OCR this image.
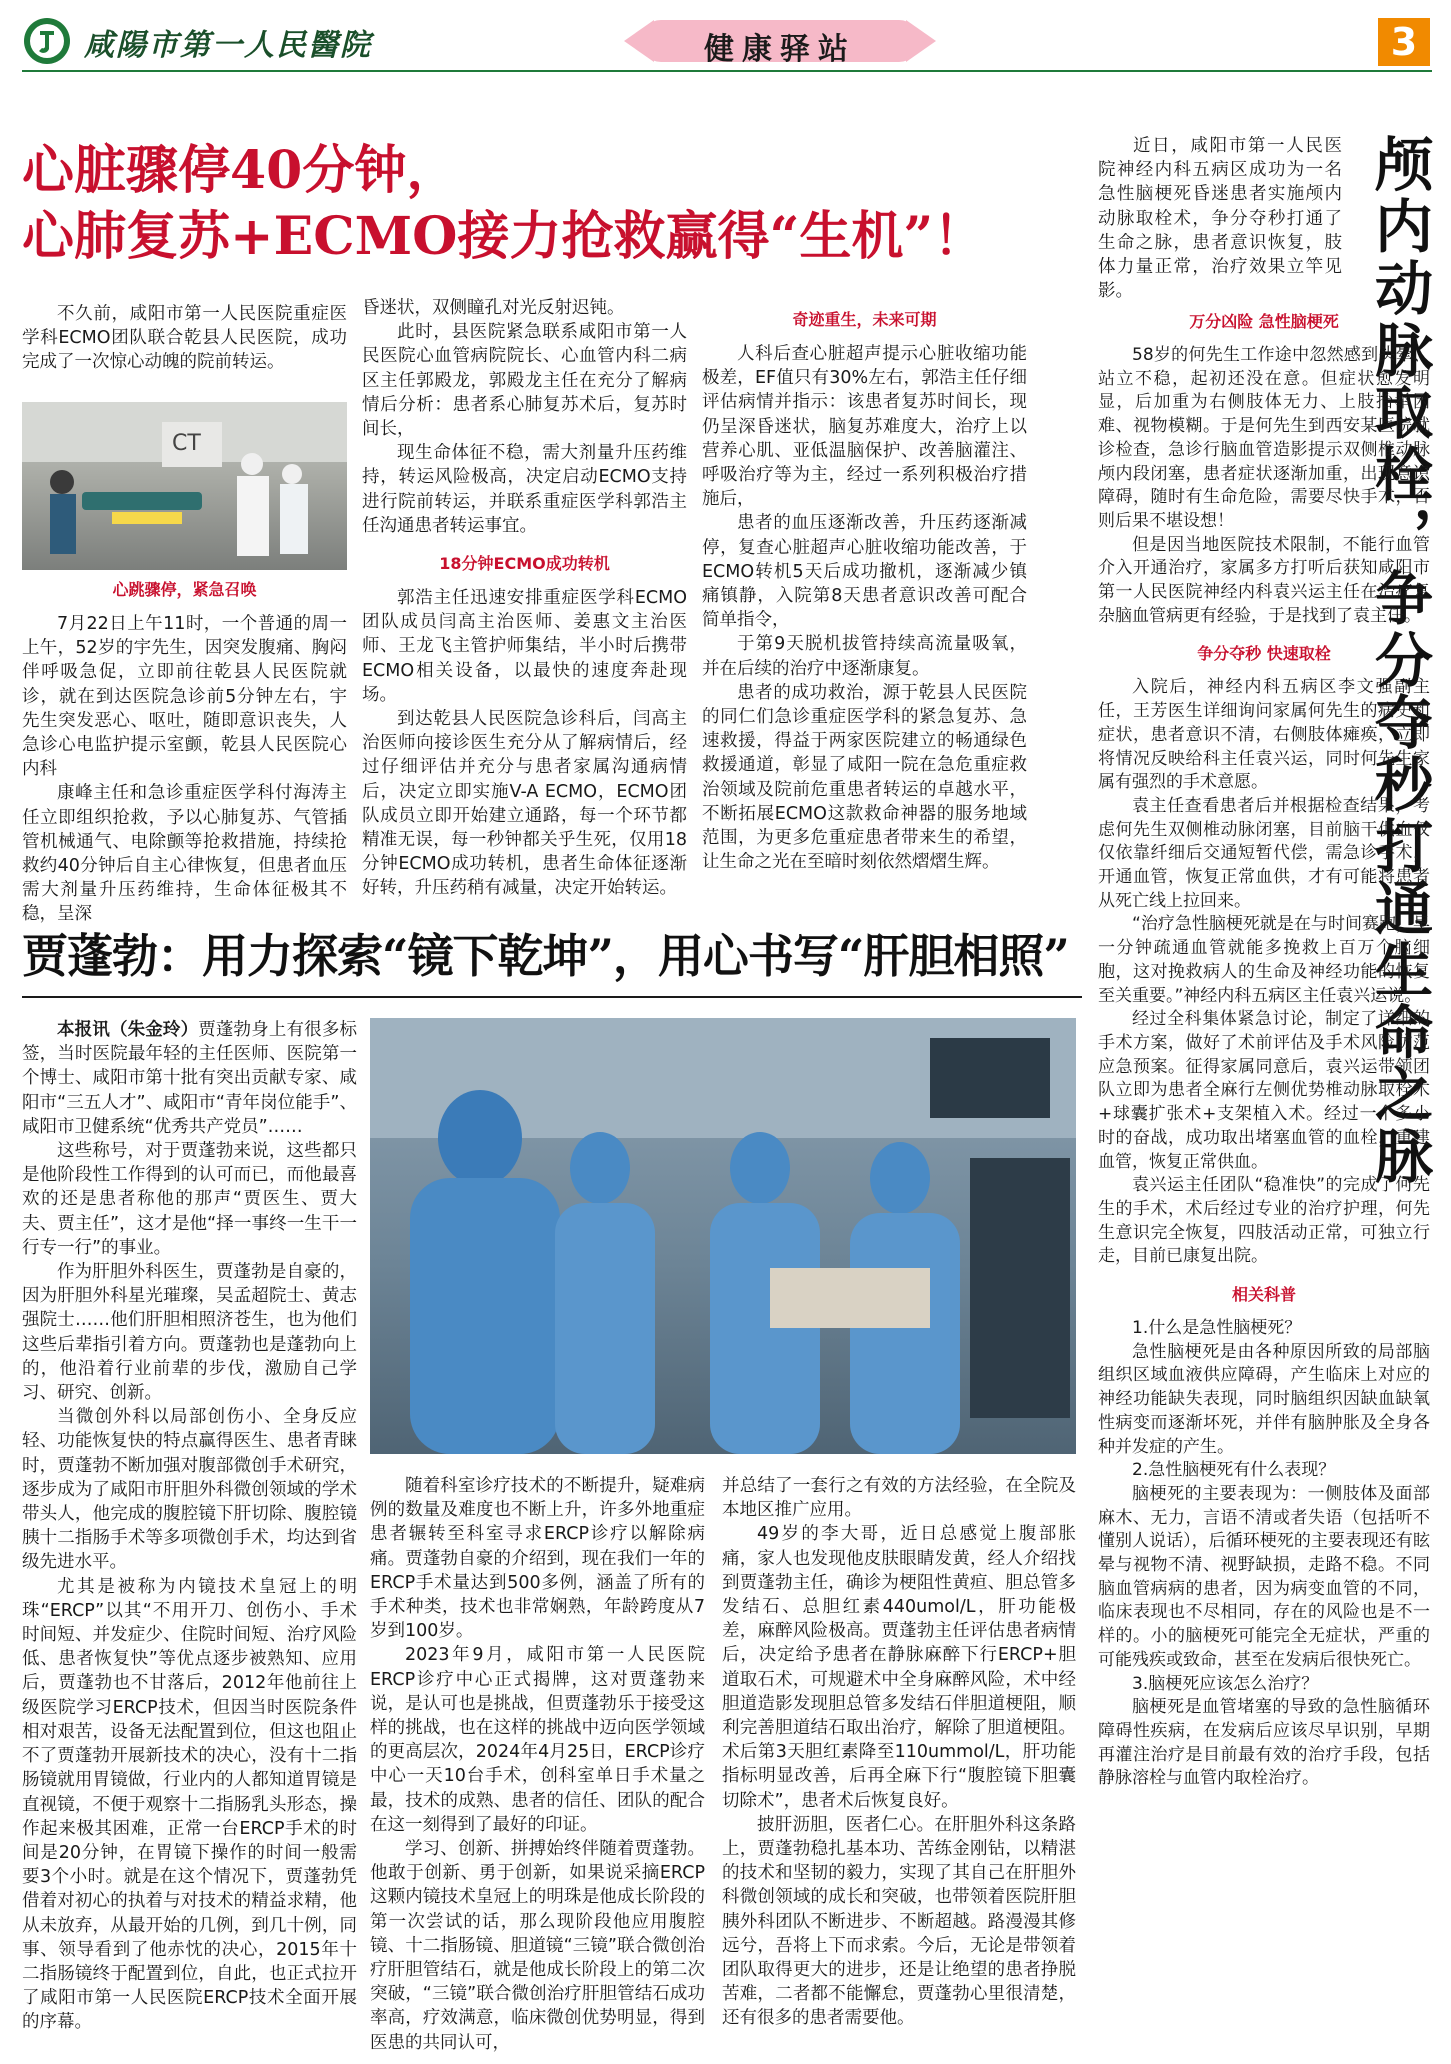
咸陽市第一人民醫院	健康驿站	3
心脏骤停40分钟，
心肺复苏+ECMO接力抢救赢得“生机”！

不久前，咸阳市第一人民医院重症医学科ECMO团队联合乾县人民医院，成功完成了一次惊心动魄的院前转运。

CT
心跳骤停，紧急召唤

7月22日上午11时，一个普通的周一上午，52岁的宇先生，因突发腹痛、胸闷伴呼吸急促，立即前往乾县人民医院就诊，就在到达医院急诊前5分钟左右，宇先生突发恶心、呕吐，随即意识丧失，人急诊心电监护提示室颤，乾县人民医院心内科

康峰主任和急诊重症医学科付海涛主任立即组织抢救，予以心肺复苏、气管插管机械通气、电除颤等抢救措施，持续抢救约40分钟后自主心律恢复，但患者血压需大剂量升压药维持，生命体征极其不稳，呈深

昏迷状，双侧瞳孔对光反射迟钝。

此时，县医院紧急联系咸阳市第一人民医院心血管病院院长、心血管内科二病区主任郭殿龙，郭殿龙主任在充分了解病情后分析：患者系心肺复苏术后，复苏时间长，

现生命体征不稳，需大剂量升压药维持，转运风险极高，决定启动ECMO支持进行院前转运，并联系重症医学科郭浩主任沟通患者转运事宜。

18分钟ECMO成功转机

郭浩主任迅速安排重症医学科ECMO团队成员闫高主治医师、姜惠文主治医师、王龙飞主管护师集结，半小时后携带ECMO相关设备，以最快的速度奔赴现场。

到达乾县人民医院急诊科后，闫高主治医师向接诊医生充分从了解病情后，经过仔细评估并充分与患者家属沟通病情后，决定立即实施V-A ECMO，ECMO团队成员立即开始建立通路，每一个环节都精准无误，每一秒钟都关乎生死，仅用18分钟ECMO成功转机，患者生命体征逐渐好转，升压药稍有减量，决定开始转运。

奇迹重生，未来可期

人科后查心脏超声提示心脏收缩功能极差，EF值只有30%左右，郭浩主任仔细评估病情并指示：该患者复苏时间长，现仍呈深昏迷状，脑复苏难度大，治疗上以营养心肌、亚低温脑保护、改善脑灌注、呼吸治疗等为主，经过一系列积极治疗措施后，

患者的血压逐渐改善，升压药逐渐减停，复查心脏超声心脏收缩功能改善，于ECMO转机5天后成功撤机，逐渐减少镇痛镇静，入院第8天患者意识改善可配合简单指令，

于第9天脱机拔管持续高流量吸氧，并在后续的治疗中逐渐康复。

患者的成功救治，源于乾县人民医院的同仁们急诊重症医学科的紧急复苏、急速救援，得益于两家医院建立的畅通绿色救援通道，彰显了咸阳一院在急危重症救治领域及院前危重患者转运的卓越水平，不断拓展ECMO这款救命神器的服务地域范围，为更多危重症患者带来生的希望，让生命之光在至暗时刻依然熠熠生辉。

近日，咸阳市第一人民医院神经内科五病区成功为一名急性脑梗死昏迷患者实施颅内动脉取栓术，争分夺秒打通了生命之脉，患者意识恢复，肢体力量正常，治疗效果立竿见影。	颅内动脉取栓，争分夺秒打通生命之脉
万分凶险 急性脑梗死

58岁的何先生工作途中忽然感到头晕、站立不稳，起初还没在意。但症状愈发明显，后加重为右侧肢体无力、上肢抬举困难、视物模糊。于是何先生到西安某医院就诊检查，急诊行脑血管造影提示双侧椎动脉颅内段闭塞，患者症状逐渐加重，出现意识障碍，随时有生命危险，需要尽快手术，否则后果不堪设想！

但是因当地医院技术限制，不能行血管介入开通治疗，家属多方打听后获知咸阳市第一人民医院神经内科袁兴运主任在治疗复杂脑血管病更有经验，于是找到了袁主任。

争分夺秒 快速取栓

入院后，神经内科五病区李文强副主任，王芳医生详细询问家属何先生的病史和症状，患者意识不清，右侧肢体瘫痪，立即将情况反映给科主任袁兴运，同时何先生家属有强烈的手术意愿。

袁主任查看患者后并根据检查结果，考虑何先生双侧椎动脉闭塞，目前脑干供血仅仅依靠纤细后交通短暂代偿，需急诊手术，开通血管，恢复正常血供，才有可能将患者从死亡线上拉回来。

“治疗急性脑梗死就是在与时间赛跑，早一分钟疏通血管就能多挽救上百万个脑细胞，这对挽救病人的生命及神经功能的恢复至关重要。”神经内科五病区主任袁兴运说。

经过全科集体紧急讨论，制定了详细的手术方案，做好了术前评估及手术风险防范应急预案。征得家属同意后，袁兴运带领团队立即为患者全麻行左侧优势椎动脉取栓术+球囊扩张术+支架植入术。经过一个多小时的奋战，成功取出堵塞血管的血栓，重建血管，恢复正常供血。

袁兴运主任团队“稳准快”的完成了何先生的手术，术后经过专业的治疗护理，何先生意识完全恢复，四肢活动正常，可独立行走，目前已康复出院。

相关科普

1.什么是急性脑梗死？

急性脑梗死是由各种原因所致的局部脑组织区域血液供应障碍，产生临床上对应的神经功能缺失表现，同时脑组织因缺血缺氧性病变而逐渐坏死，并伴有脑肿胀及全身各种并发症的产生。

2.急性脑梗死有什么表现？

脑梗死的主要表现为：一侧肢体及面部麻木、无力，言语不清或者失语（包括听不懂别人说话），后循环梗死的主要表现还有眩晕与视物不清、视野缺损，走路不稳。不同脑血管病病的患者，因为病变血管的不同，临床表现也不尽相同，存在的风险也是不一样的。小的脑梗死可能完全无症状，严重的可能残疾或致命，甚至在发病后很快死亡。

3.脑梗死应该怎么治疗？

脑梗死是血管堵塞的导致的急性脑循环障碍性疾病，在发病后应该尽早识别，早期再灌注治疗是目前最有效的治疗手段，包括静脉溶栓与血管内取栓治疗。

贾蓬勃：用力探索“镜下乾坤”，用心书写“肝胆相照”

本报讯（朱金玲）贾蓬勃身上有很多标签，当时医院最年轻的主任医师、医院第一个博士、咸阳市第十批有突出贡献专家、咸阳市“三五人才”、咸阳市“青年岗位能手”、咸阳市卫健系统“优秀共产党员”……

这些称号，对于贾蓬勃来说，这些都只是他阶段性工作得到的认可而已，而他最喜欢的还是患者称他的那声“贾医生、贾大夫、贾主任”，这才是他“择一事终一生干一行专一行”的事业。

作为肝胆外科医生，贾蓬勃是自豪的，因为肝胆外科星光璀璨，吴孟超院士、黄志强院士……他们肝胆相照济苍生，也为他们这些后辈指引着方向。贾蓬勃也是蓬勃向上的，他沿着行业前辈的步伐，激励自己学习、研究、创新。

当微创外科以局部创伤小、全身反应轻、功能恢复快的特点赢得医生、患者青睐时，贾蓬勃不断加强对腹部微创手术研究，逐步成为了咸阳市肝胆外科微创领域的学术带头人，他完成的腹腔镜下肝切除、腹腔镜胰十二指肠手术等多项微创手术，均达到省级先进水平。

尤其是被称为内镜技术皇冠上的明珠“ERCP”以其“不用开刀、创伤小、手术时间短、并发症少、住院时间短、治疗风险低、患者恢复快”等优点逐步被熟知、应用后，贾蓬勃也不甘落后，2012年他前往上级医院学习ERCP技术，但因当时医院条件相对艰苦，设备无法配置到位，但这也阻止不了贾蓬勃开展新技术的决心，没有十二指肠镜就用胃镜做，行业内的人都知道胃镜是直视镜，不便于观察十二指肠乳头形态，操作起来极其困难，正常一台ERCP手术的时间是20分钟，在胃镜下操作的时间一般需要3个小时。就是在这个情况下，贾蓬勃凭借着对初心的执着与对技术的精益求精，他从未放弃，从最开始的几例，到几十例，同事、领导看到了他赤忱的决心，2015年十二指肠镜终于配置到位，自此，也正式拉开了咸阳市第一人民医院ERCP技术全面开展的序幕。

随着科室诊疗技术的不断提升，疑难病例的数量及难度也不断上升，许多外地重症患者辗转至科室寻求ERCP诊疗以解除病痛。贾蓬勃自豪的介绍到，现在我们一年的ERCP手术量达到500多例，涵盖了所有的手术种类，技术也非常娴熟，年龄跨度从7岁到100岁。

2023年9月，咸阳市第一人民医院ERCP诊疗中心正式揭牌，这对贾蓬勃来说，是认可也是挑战，但贾蓬勃乐于接受这样的挑战，也在这样的挑战中迈向医学领域的更高层次，2024年4月25日，ERCP诊疗中心一天10台手术，创科室单日手术量之最，技术的成熟、患者的信任、团队的配合在这一刻得到了最好的印证。

学习、创新、拼搏始终伴随着贾蓬勃。他敢于创新、勇于创新，如果说采摘ERCP这颗内镜技术皇冠上的明珠是他成长阶段的第一次尝试的话，那么现阶段他应用腹腔镜、十二指肠镜、胆道镜“三镜”联合微创治疗肝胆管结石，就是他成长阶段上的第二次突破，“三镜”联合微创治疗肝胆管结石成功率高，疗效满意，临床微创优势明显，得到医患的共同认可，

并总结了一套行之有效的方法经验，在全院及本地区推广应用。

49岁的李大哥，近日总感觉上腹部胀痛，家人也发现他皮肤眼睛发黄，经人介绍找到贾蓬勃主任，确诊为梗阻性黄疸、胆总管多发结石、总胆红素440umol/L，肝功能极差，麻醉风险极高。贾蓬勃主任评估患者病情后，决定给予患者在静脉麻醉下行ERCP+胆道取石术，可规避术中全身麻醉风险，术中经胆道造影发现胆总管多发结石伴胆道梗阻，顺利完善胆道结石取出治疗，解除了胆道梗阻。术后第3天胆红素降至110ummol/L，肝功能指标明显改善，后再全麻下行“腹腔镜下胆囊切除术”，患者术后恢复良好。

披肝沥胆，医者仁心。在肝胆外科这条路上，贾蓬勃稳扎基本功、苦练金刚钻，以精湛的技术和坚韧的毅力，实现了其自己在肝胆外科微创领域的成长和突破，也带领着医院肝胆胰外科团队不断进步、不断超越。路漫漫其修远兮，吾将上下而求索。今后，无论是带领着团队取得更大的进步，还是让绝望的患者挣脱苦难，二者都不能懈怠，贾蓬勃心里很清楚，还有很多的患者需要他。
